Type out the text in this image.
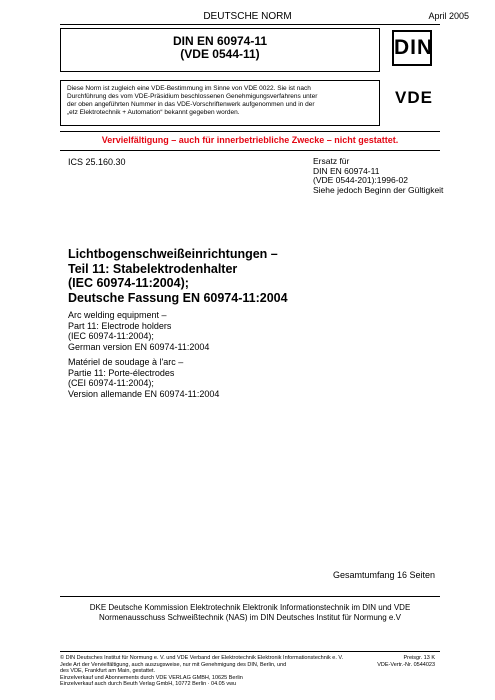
DEUTSCHE NORM	April 2005
DIN EN 60974-11
(VDE 0544-11)	DIN
Diese Norm ist zugleich eine VDE-Bestimmung im Sinne von VDE 0022. Sie ist nach
Durchführung des vom VDE-Präsidium beschlossenen Genehmigungsverfahrens unter
der oben angeführten Nummer in das VDE-Vorschriftenwerk aufgenommen und in der
„etz Elektrotechnik + Automation“ bekannt gegeben worden.
VDE
Vervielfältigung – auch für innerbetriebliche Zwecke – nicht gestattet.
ICS 25.160.30	Ersatz für
DIN EN 60974-11
(VDE 0544-201):1996-02
Siehe jedoch Beginn der Gültigkeit
Lichtbogenschweißeinrichtungen –
Teil 11: Stabelektrodenhalter
(IEC 60974-11:2004);
Deutsche Fassung EN 60974-11:2004
Arc welding equipment –
Part 11: Electrode holders
(IEC 60974-11:2004);
German version EN 60974-11:2004
Matériel de soudage à l'arc –
Partie 11: Porte-électrodes
(CEI 60974-11:2004);
Version allemande EN 60974-11:2004
Gesamtumfang 16 Seiten
DKE Deutsche Kommission Elektrotechnik Elektronik Informationstechnik im DIN und VDE
Normenausschuss Schweißtechnik (NAS) im DIN Deutsches Institut für Normung e.V
© DIN Deutsches Institut für Normung e. V. und VDE Verband der Elektrotechnik Elektronik Informationstechnik e. V.
Jede Art der Vervielfältigung, auch auszugsweise, nur mit Genehmigung des DIN, Berlin, und
des VDE, Frankfurt am Main, gestattet.
Einzelverkauf und Abonnements durch VDE VERLAG GMBH, 10625 Berlin
Einzelverkauf auch durch Beuth Verlag GmbH, 10772 Berlin · 04.05 vwu
Preisgr. 13 K
VDE-Vertr.-Nr. 0544023
